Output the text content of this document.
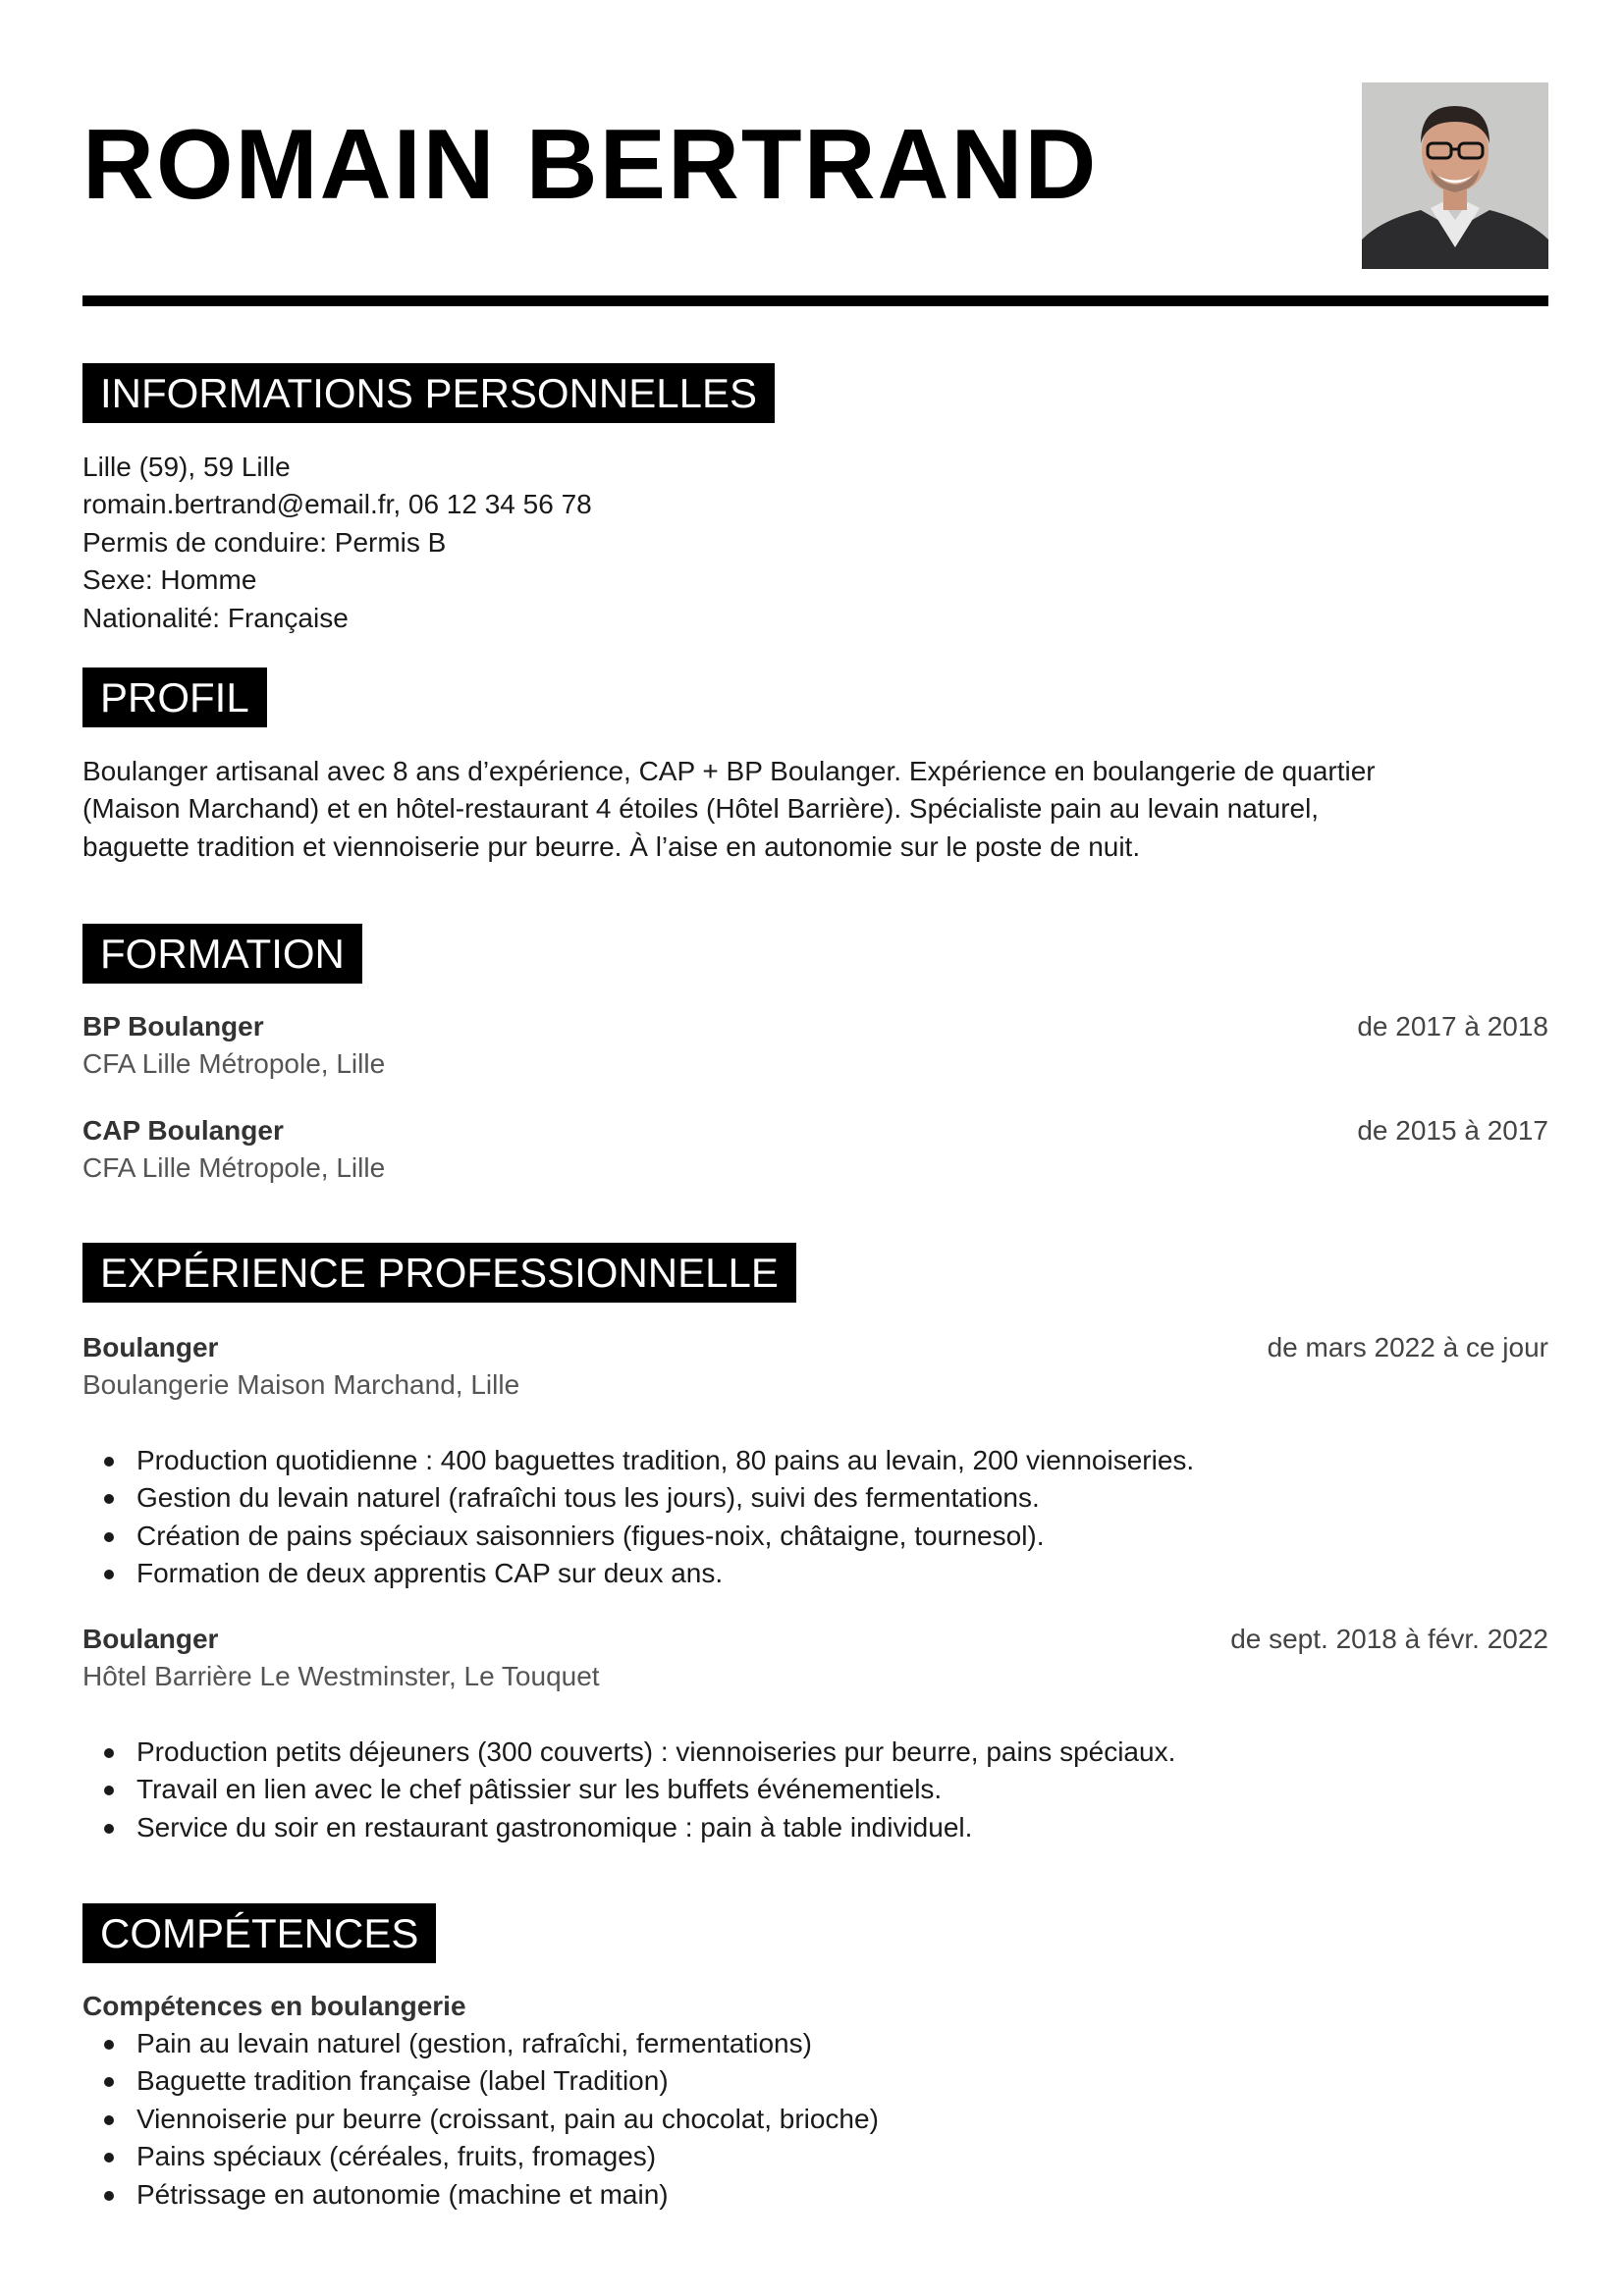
ROMAIN BERTRAND
INFORMATIONS PERSONNELLES

Lille (59), 59 Lille

romain.bertrand@email.fr, 06 12 34 56 78

Permis de conduire: Permis B

Sexe: Homme

Nationalité: Française

PROFIL

Boulanger artisanal avec 8 ans d’expérience, CAP + BP Boulanger. Expérience en boulangerie de quartier

(Maison Marchand) et en hôtel-restaurant 4 étoiles (Hôtel Barrière). Spécialiste pain au levain naturel,

baguette tradition et viennoiserie pur beurre. À l’aise en autonomie sur le poste de nuit.

FORMATION
BP Boulanger	de 2017 à 2018
CFA Lille Métropole, Lille
CAP Boulanger	de 2015 à 2017
CFA Lille Métropole, Lille
EXPÉRIENCE PROFESSIONNELLE
Boulanger	de mars 2022 à ce jour
Boulangerie Maison Marchand, Lille
Production quotidienne : 400 baguettes tradition, 80 pains au levain, 200 viennoiseries.
Gestion du levain naturel (rafraîchi tous les jours), suivi des fermentations.
Création de pains spéciaux saisonniers (figues-noix, châtaigne, tournesol).
Formation de deux apprentis CAP sur deux ans.
Boulanger	de sept. 2018 à févr. 2022
Hôtel Barrière Le Westminster, Le Touquet
Production petits déjeuners (300 couverts) : viennoiseries pur beurre, pains spéciaux.
Travail en lien avec le chef pâtissier sur les buffets événementiels.
Service du soir en restaurant gastronomique : pain à table individuel.
COMPÉTENCES
Compétences en boulangerie
Pain au levain naturel (gestion, rafraîchi, fermentations)
Baguette tradition française (label Tradition)
Viennoiserie pur beurre (croissant, pain au chocolat, brioche)
Pains spéciaux (céréales, fruits, fromages)
Pétrissage en autonomie (machine et main)
